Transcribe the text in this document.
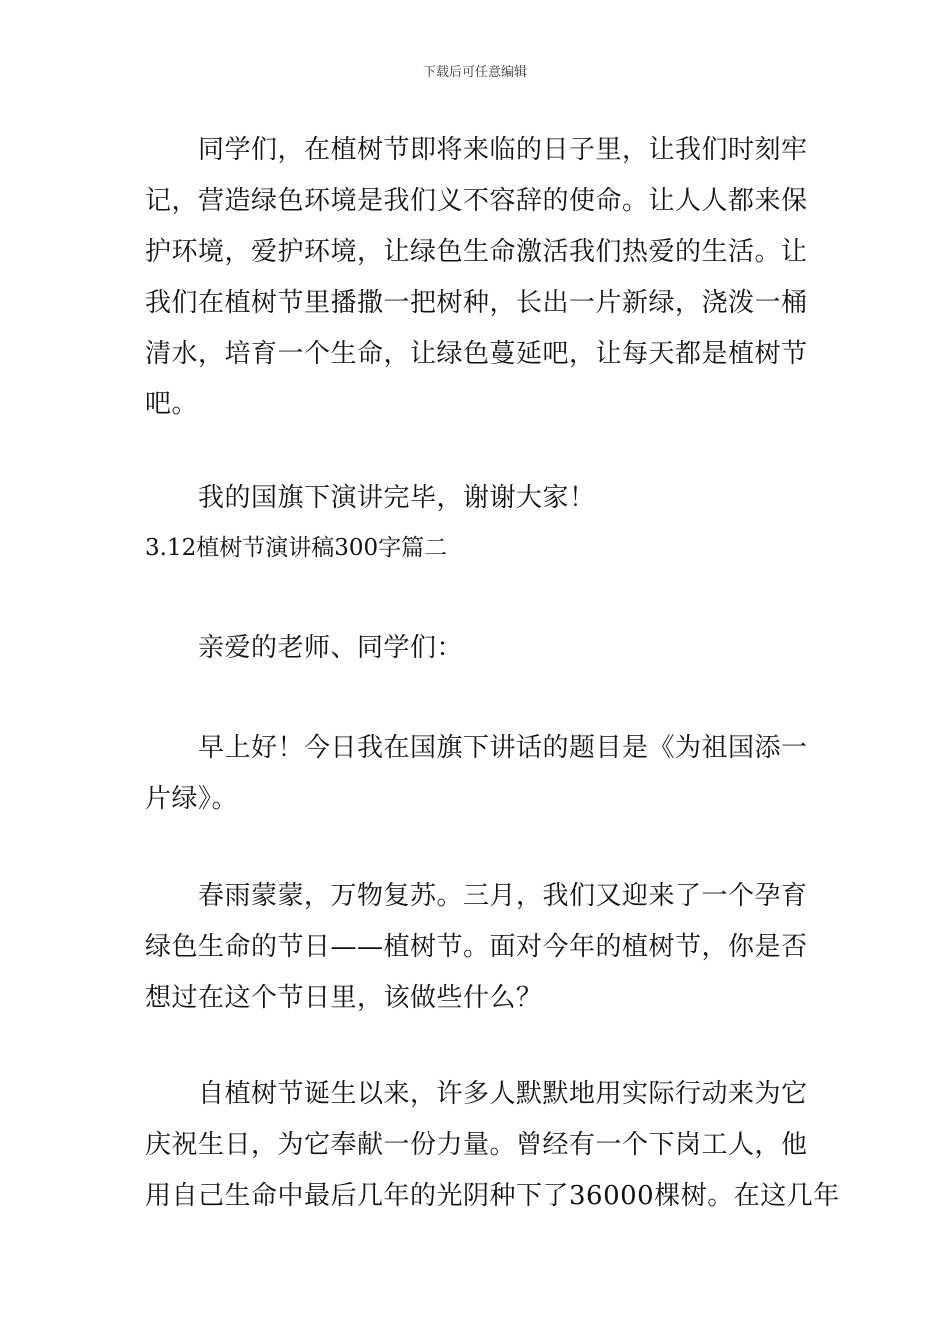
下载后可任意编辑
同学们，在植树节即将来临的日子里，让我们时刻牢
记，营造绿色环境是我们义不容辞的使命。让人人都来保
护环境，爱护环境，让绿色生命激活我们热爱的生活。让
我们在植树节里播撒一把树种，长出一片新绿，浇泼一桶
清水，培育一个生命，让绿色蔓延吧，让每天都是植树节
吧。
我的国旗下演讲完毕，谢谢大家！
3.12植树节演讲稿300字篇二
亲爱的老师、同学们：
早上好！今日我在国旗下讲话的题目是《为祖国添一
片绿》。
春雨蒙蒙，万物复苏。三月，我们又迎来了一个孕育
绿色生命的节日——植树节。面对今年的植树节，你是否
想过在这个节日里，该做些什么？
自植树节诞生以来，许多人默默地用实际行动来为它
庆祝生日，为它奉献一份力量。曾经有一个下岗工人，他
用自己生命中最后几年的光阴种下了36000棵树。在这几年
